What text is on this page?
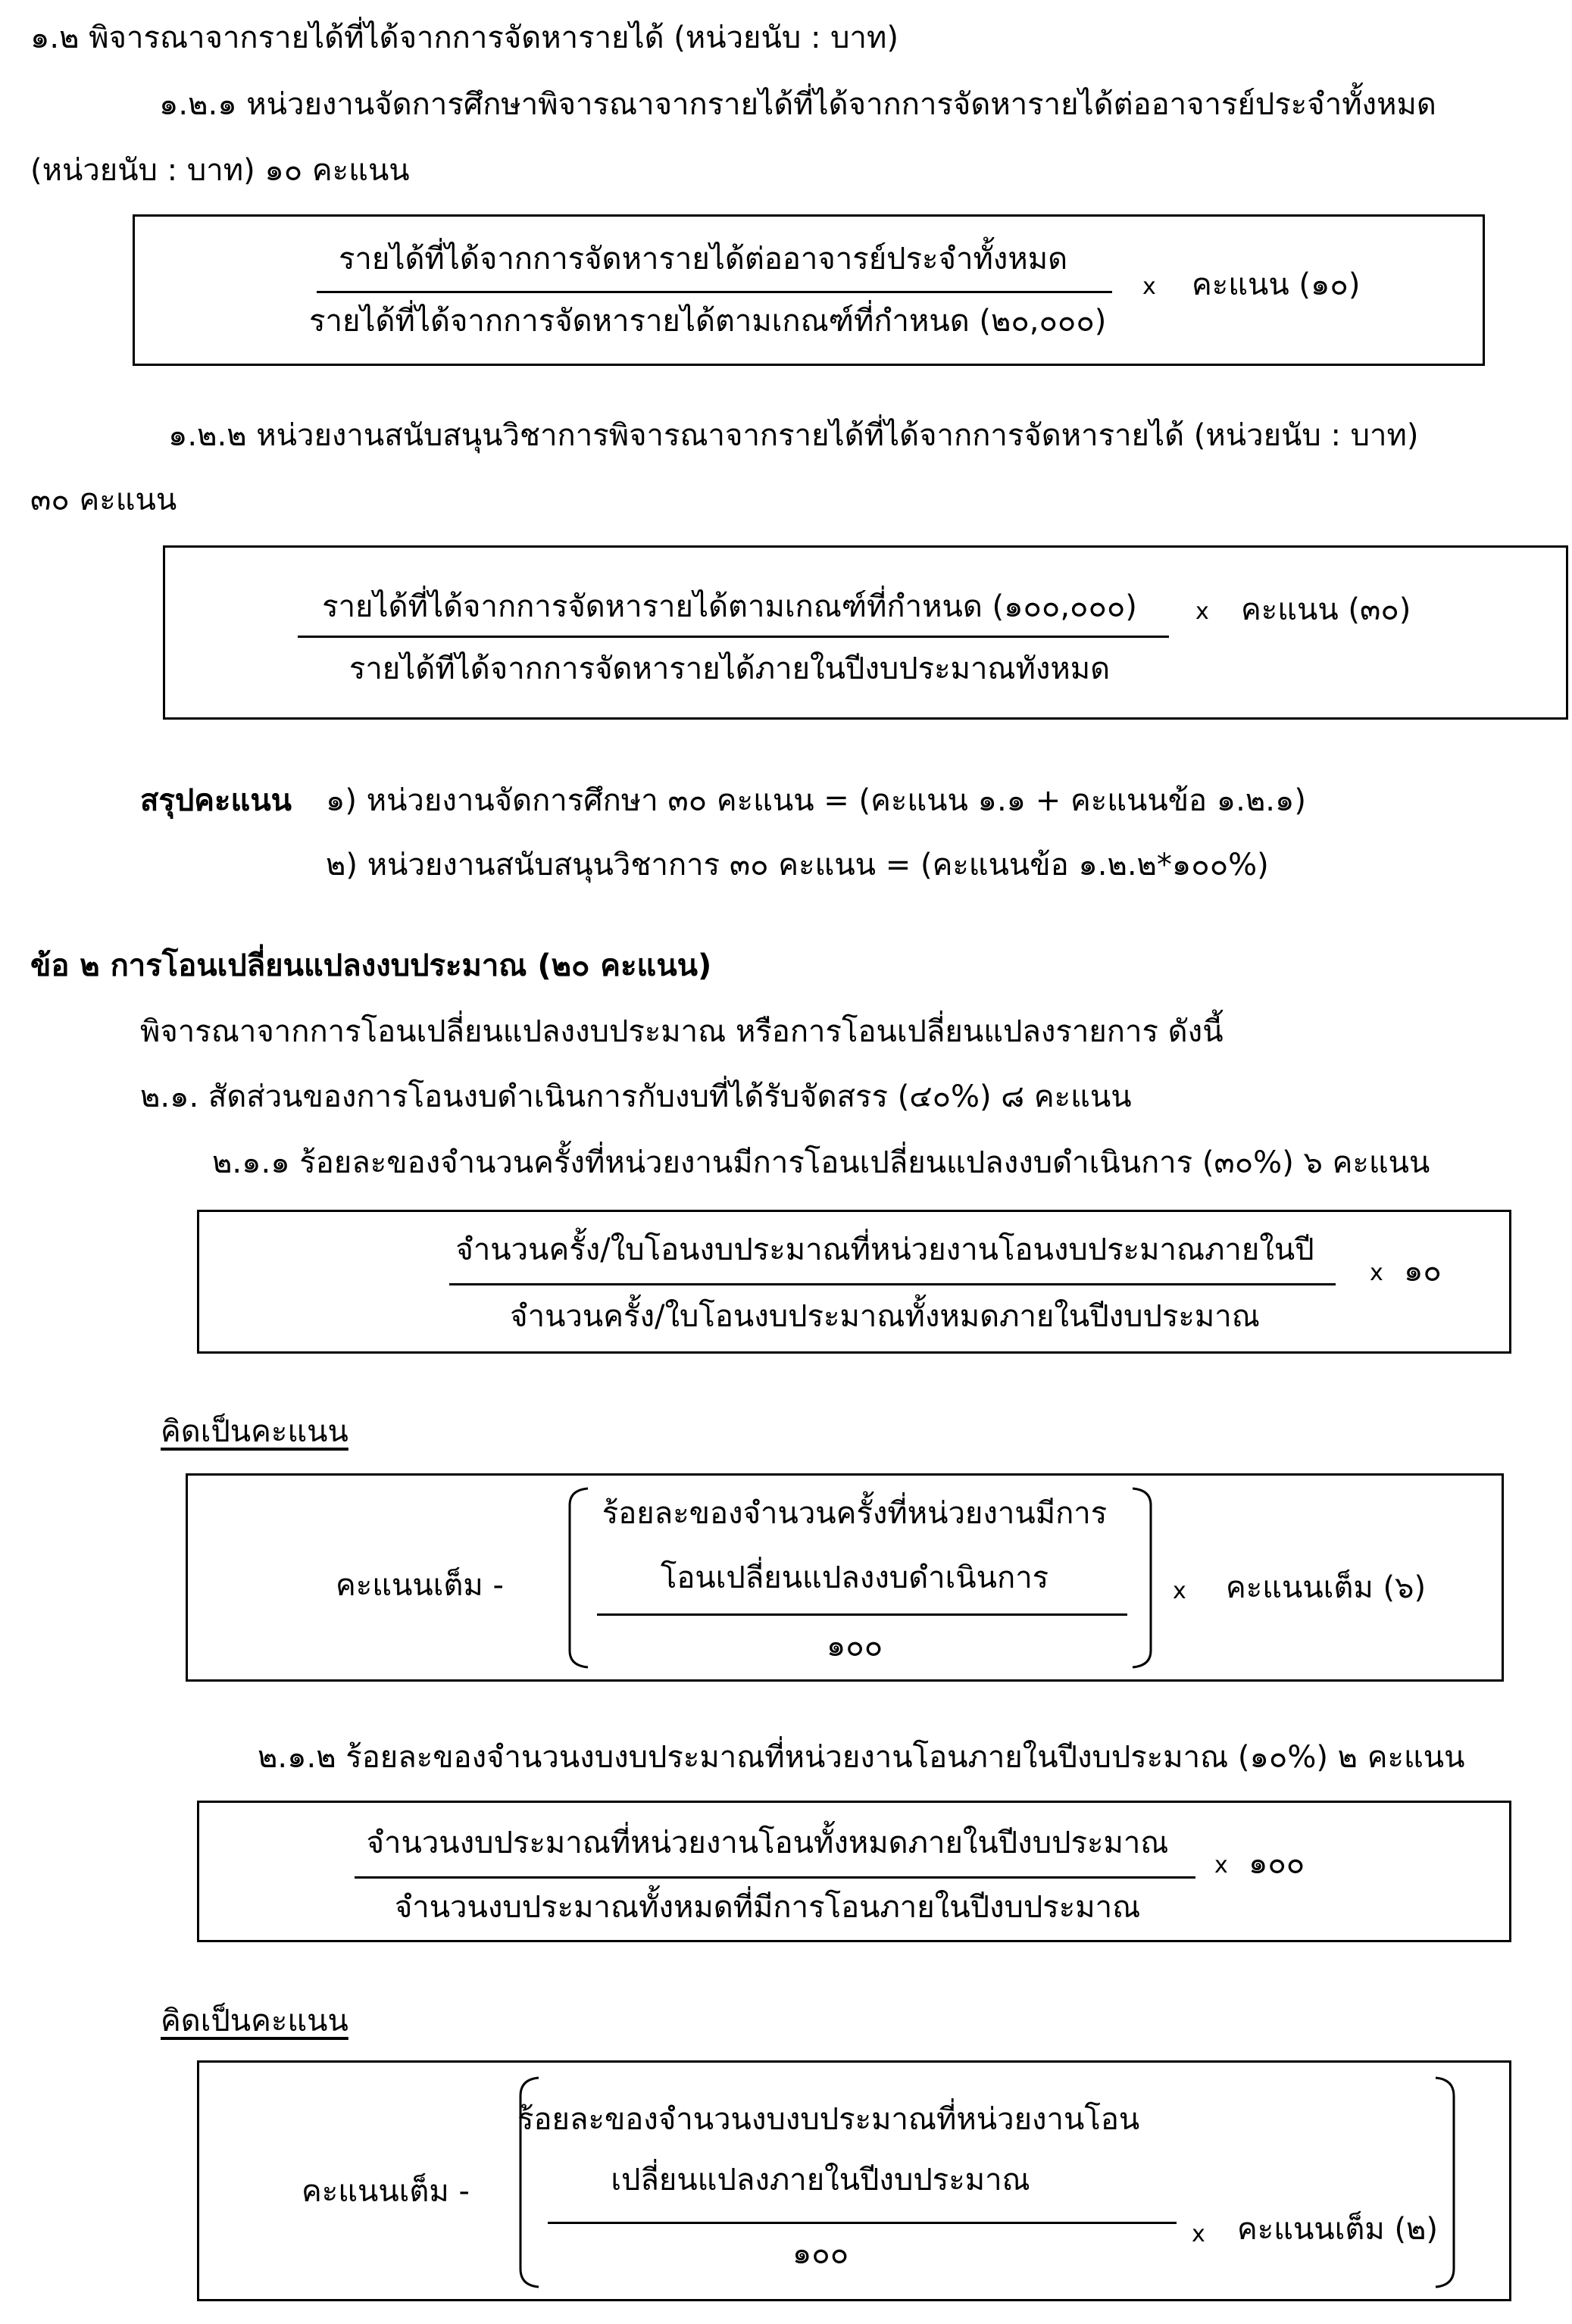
๑.๒ พิจารณาจากรายได้ที่ได้จากการจัดหารายได้ (หน่วยนับ : บาท)
๑.๒.๑ หน่วยงานจัดการศึกษาพิจารณาจากรายได้ที่ได้จากการจัดหารายได้ต่ออาจารย์ประจำทั้งหมด
(หน่วยนับ : บาท) ๑๐ คะแนน
รายได้ที่ได้จากการจัดหารายได้ต่ออาจารย์ประจำทั้งหมด
รายได้ที่ได้จากการจัดหารายได้ตามเกณฑ์ที่กำหนด (๒๐,๐๐๐)
x คะแนน (๑๐)
๑.๒.๒ หน่วยงานสนับสนุนวิชาการพิจารณาจากรายได้ที่ได้จากการจัดหารายได้ (หน่วยนับ : บาท)
๓๐ คะแนน
รายได้ที่ได้จากการจัดหารายได้ตามเกณฑ์ที่กำหนด (๑๐๐,๐๐๐)
รายได้ทีได้จากการจัดหารายได้ภายในปีงบประมาณทังหมด
x คะแนน (๓๐)
สรุปคะแนน ๑) หน่วยงานจัดการศึกษา ๓๐ คะแนน = (คะแนน ๑.๑ + คะแนนข้อ ๑.๒.๑)
๒) หน่วยงานสนับสนุนวิชาการ ๓๐ คะแนน = (คะแนนข้อ ๑.๒.๒*๑๐๐%)
ข้อ ๒ การโอนเปลี่ยนแปลงงบประมาณ (๒๐ คะแนน)
พิจารณาจากการโอนเปลี่ยนแปลงงบประมาณ หรือการโอนเปลี่ยนแปลงรายการ ดังนี้
๒.๑. สัดส่วนของการโอนงบดำเนินการกับงบที่ได้รับจัดสรร (๔๐%) ๘ คะแนน
๒.๑.๑ ร้อยละของจำนวนครั้งที่หน่วยงานมีการโอนเปลี่ยนแปลงงบดำเนินการ (๓๐%) ๖ คะแนน
จำนวนครั้ง/ใบโอนงบประมาณที่หน่วยงานโอนงบประมาณภายในปี
จำนวนครั้ง/ใบโอนงบประมาณทั้งหมดภายในปีงบประมาณ
x ๑๐
คิดเป็นคะแนน
คะแนนเต็ม -
ร้อยละของจำนวนครั้งที่หน่วยงานมีการ
โอนเปลี่ยนแปลงงบดำเนินการ
๑๐๐
x คะแนนเต็ม (๖)
๒.๑.๒ ร้อยละของจำนวนงบงบประมาณที่หน่วยงานโอนภายในปีงบประมาณ (๑๐%) ๒ คะแนน
จำนวนงบประมาณที่หน่วยงานโอนทั้งหมดภายในปีงบประมาณ
จำนวนงบประมาณทั้งหมดที่มีการโอนภายในปีงบประมาณ
x ๑๐๐
คิดเป็นคะแนน
คะแนนเต็ม -
ร้อยละของจำนวนงบงบประมาณที่หน่วยงานโอน
เปลี่ยนแปลงภายในปีงบประมาณ
๑๐๐
x คะแนนเต็ม (๒)
